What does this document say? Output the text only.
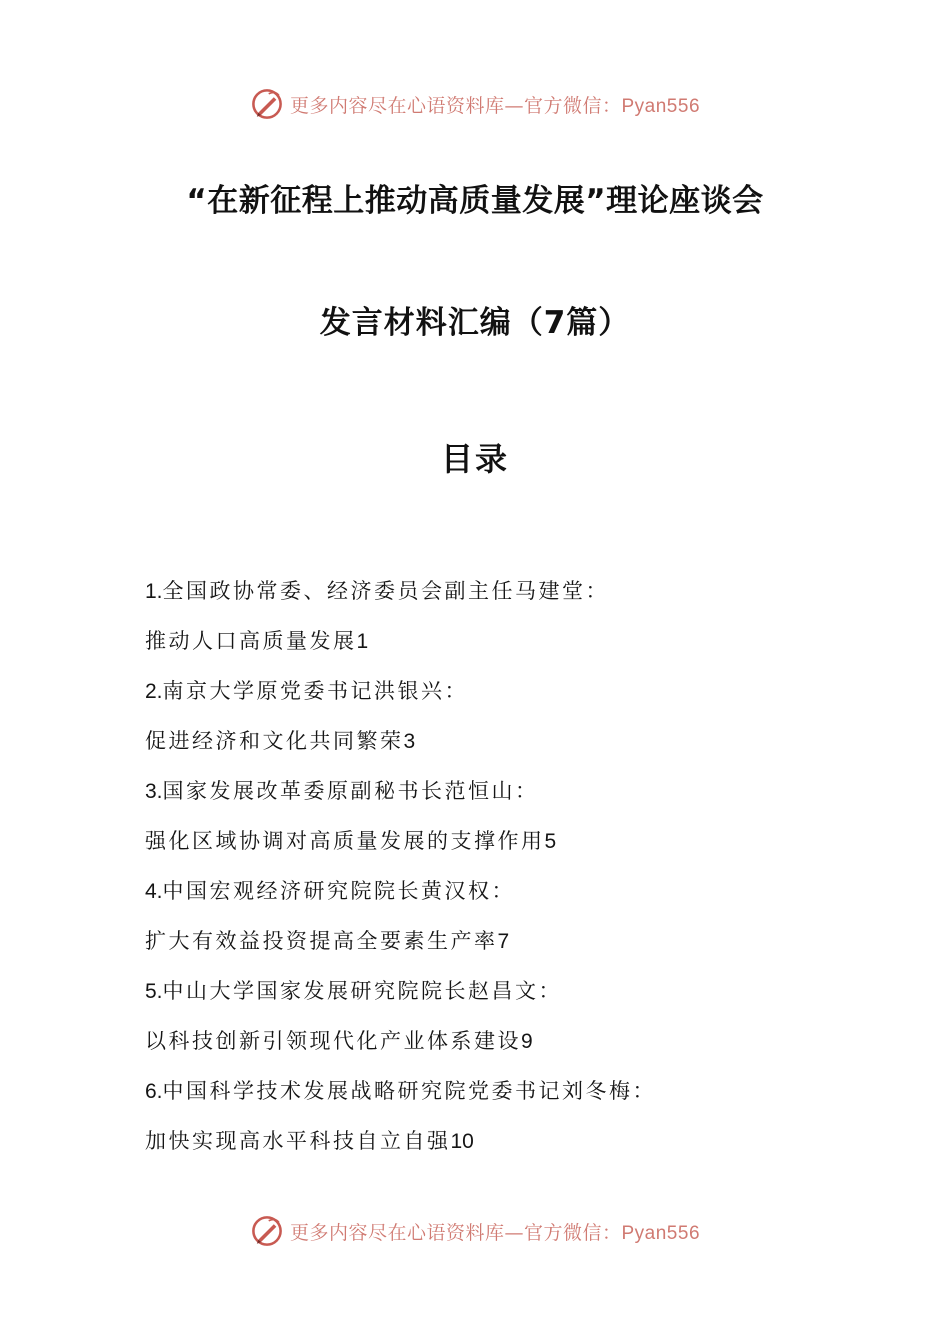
更多内容尽在心语资料库—官方微信：Pyan556
“在新征程上推动高质量发展”理论座谈会
发言材料汇编（7篇）
目录
1.全国政协常委、经济委员会副主任马建堂：
推动人口高质量发展1
2.南京大学原党委书记洪银兴：
促进经济和文化共同繁荣3
3.国家发展改革委原副秘书长范恒山：
强化区域协调对高质量发展的支撑作用5
4.中国宏观经济研究院院长黄汉权：
扩大有效益投资提高全要素生产率7
5.中山大学国家发展研究院院长赵昌文：
以科技创新引领现代化产业体系建设9
6.中国科学技术发展战略研究院党委书记刘冬梅：
加快实现高水平科技自立自强10
更多内容尽在心语资料库—官方微信：Pyan556
